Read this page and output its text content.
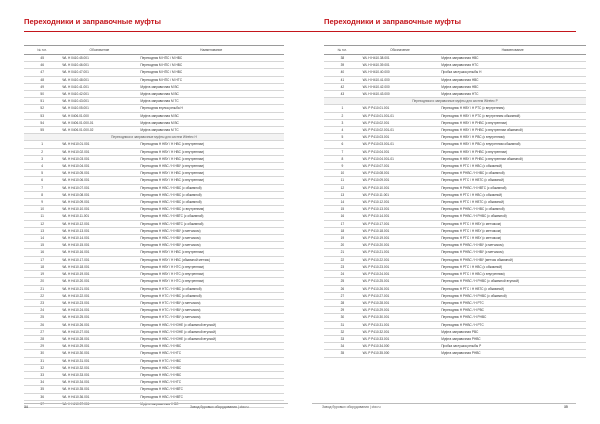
Переходники и заправочные муфты
№ п.п.	Обозначение	Наименование
45	WL H 0410.45.001	Переходник М НПС / М НВС
46	WL H 0410.46.001	Переходник М НПС / М НВС
47	WL H 0410.47.001	Переходник М НПС / М НВС
48	WL H 0410.48.001	Переходник М НПС / М НТС
49	WL H 0410.41.001	Муфта заправочная М ВС
50	WL H 0410.42.001	Муфта заправочная М ВС
51	WL H 0410.43.001	Муфта заправочная М ТС
52	WL H 0410.05.001	Переходник втулка резьба Н
53	WL H 0406.01.000	Муфта заправочная М ВС
54	WL H 0406.01.000-01	Муфта заправочная М ВС
55	WL H 0406.01.000-02	Муфта заправочная М ТС
Переходники и заправочные муфты для систем Wiretec H		
1	WL H H410.01.001	Переходник Н НВУ / Н НВС (с внутренним)
2	WL H H410.02.001	Переходник Н НВУ / Н НВС (с внутренним)
3	WL H H410.03.001	Переходник Н НВУ / Н НВС (с внутренним)
4	WL H H410.04.001	Переходник Н НВС / Н НВУ (с внутренним)
5	WL H H410.05.001	Переходник Н НВУ / Н НВС (с внутренним)
6	WL H H410.06.001	Переходник Н НВУ / Н НВС (с внутренним)
7	WL H H410.07.001	Переходник Н НВС / Н НВС (с обжимной)
8	WL H H410.08.001	Переходник Н НВС / Н НВС (с обжимной)
9	WL H H410.09.001	Переходник Н НВС / Н НВС (с обжимной)
10	WL H H410.10.001	Переходник Н НВС / Н НВС (с внутренним)
11	WL H H410.11.001	Переходник Н НВС / Н НВТС (с обжимной)
12	WL H H410.12.001	Переходник Н НВС / Н НВТС (с обжимной)
13	WL H H410.13.001	Переходник Н НВС / Н НВУ (с метчиком)
14	WL H H410.14.001	Переходник Н НВС / Н НВУ (с метчиком)
15	WL H H410.15.001	Переходник Н НВС / Н НВУ (с метчиком)
16	WL H H410.16.001	Переходник Н НВУ / Н НВС (с внутренним)
17	WL H H410.17.001	Переходник Н НВУ / Н НВС (обжимной метчик)
18	WL H H410.18.001	Переходник Н НВУ / Н НТС (с внутренним)
19	WL H H410.19.001	Переходник Н НВУ / Н НТС (с внутренним)
20	WL H H410.20.001	Переходник Н НВУ / Н НТС (с внутренним)
21	WL H H410.21.001	Переходник Н НТС / Н НВС (с обжимной)
22	WL H H410.22.001	Переходник Н НТС / Н НВС (с обжимной)
23	WL H H410.23.001	Переходник Н НТС / Н НВУ (с метчиком)
24	WL H H410.24.001	Переходник Н НТС / Н НВУ (с метчиком)
25	WL H H410.25.001	Переходник Н НТС / Н НВУ (с метчиком)
26	WL H H410.26.001	Переходник Н НВС / Н НЗНЕ (с обжимной втулкой)
27	WL H H410.27.001	Переходник Н НВС / Н НЗНЕ (с обжимной втулкой)
28	WL H H410.28.001	Переходник Н НВС / Н НЗНЕ (с обжимной втулкой)
29	WL H H410.29.001	Переходник Н НВС / Н НВС
30	WL H H410.30.001	Переходник Н НВС / Н НТС
31	WL H H410.31.001	Переходник Н НТС / Н НВС
32	WL H H410.32.001	Переходник Н НВС / Н НВС
33	WL H H410.33.001	Переходник Н НВС / Н НВС
34	WL H H410.34.001	Переходник Н НВС / Н НТС
35	WL H H410.35.001	Переходник Н НВС / Н НВТС
36	WL H H410.36.001	Переходник Н НВС / Н НВТС
37	WL H H410.37.001	Муфта заправочная Н ВС
34	Завод буровых оборудования | ctw.ru
Переходники и заправочные муфты
№ п.п.	Обозначение	Наименование
38	WL H H410.38.001	Муфта заправочная НВС
39	WL H H410.39.001	Муфта заправочная НТС
40	WL H H410.40.000	Пробка заглушка резьбы Н
41	WL H H410.41.000	Муфта заправочная НВС
42	WL H H410.42.000	Муфта заправочная НВС
43	WL H H410.43.000	Муфта заправочная НТС
Переходники и заправочные муфты для систем Wiretec P		
1	WL P P410.01.001	Переходник Н НВУ / Н РТС (с внутренним)
2	WL P P410.01.001-01	Переходник Н НВУ / Н РТС (с внутренним обжимной)
3	WL P P410.02.001	Переходник Н НВУ / Н РНВС (с внутренним)
4	WL P P410.02.001-01	Переходник Н НВУ / Н РНВС (с внутренним обжимной)
5	WL P P410.03.001	Переходник Н НВУ / Н РВС (с внутренним)
6	WL P P410.03.001-01	Переходник Н НВУ / Н РВС (с внутренним обжимной)
7	WL P P410.04.001	Переходник Н НВУ / Н РНВС (с внутренним)
8	WL P P410.04.001-01	Переходник Н НВУ / Н РНВС (с внутренним обжимной)
9	WL P P410.07.001	Переходник Н РТС / Н НВС (с обжимной)
10	WL P P410.08.001	Переходник Н РНВС / Н НВС (с обжимной)
11	WL P P410.09.001	Переходник Н РТС / Н НВТС (с обжимной)
12	WL P P410.10.001	Переходник Н РНВС / Н НВТС (с обжимной)
13	WL P P410.11.001	Переходник Н РТС / Н НВС (с обжимной)
14	WL P P410.12.001	Переходник Н РТС / Н НВТС (с обжимной)
15	WL P P410.13.001	Переходник Н РНВС / Н НВС (с обжимной)
16	WL P P410.14.001	Переходник Н РНВС / Н РНВС (с обжимной)
17	WL P P410.17.001	Переходник Н РТС / Н НВУ (с метчиком)
18	WL P P410.18.001	Переходник Н РТС / Н НВУ (с метчиком)
19	WL P P410.19.001	Переходник Н РТС / Н НВУ (с метчиком)
20	WL P P410.20.001	Переходник Н РНВС / Н НВУ (с метчиком)
21	WL P P410.21.001	Переходник Н РНВС / Н НВУ (с метчиком)
22	WL P P410.22.001	Переходник Н РНВС / Н НВУ (метчик обжимной)
23	WL P P410.23.001	Переходник Н РТС / Н НВС (с обжимной)
24	WL P P410.24.001	Переходник Н РТС / Н НВС (с внутренним)
25	WL P P410.25.001	Переходник Н РНВС / Н РНВС (с обжимной втулкой)
26	WL P P410.26.001	Переходник Н РТС / Н НВТС (с обжимной)
27	WL P P410.27.001	Переходник Н РНВС / Н РНВС (с обжимной)
28	WL P P410.28.001	Переходник Н РНВС / Н РТС
29	WL P P410.29.001	Переходник Н РНВС / Н РВС
30	WL P P410.30.001	Переходник Н РНВС / Н РНВС
31	WL P P410.31.001	Переходник Н РНВС / Н РТС
32	WL P P410.32.001	Муфта заправочная РВС
33	WL P P410.33.001	Муфта заправочная РНВС
34	WL P P410.34.000	Пробка заглушка резьбы Р
35	WL P P410.35.000	Муфта заправочная РНВС
Завод буровых оборудования | ctw.ru	35
